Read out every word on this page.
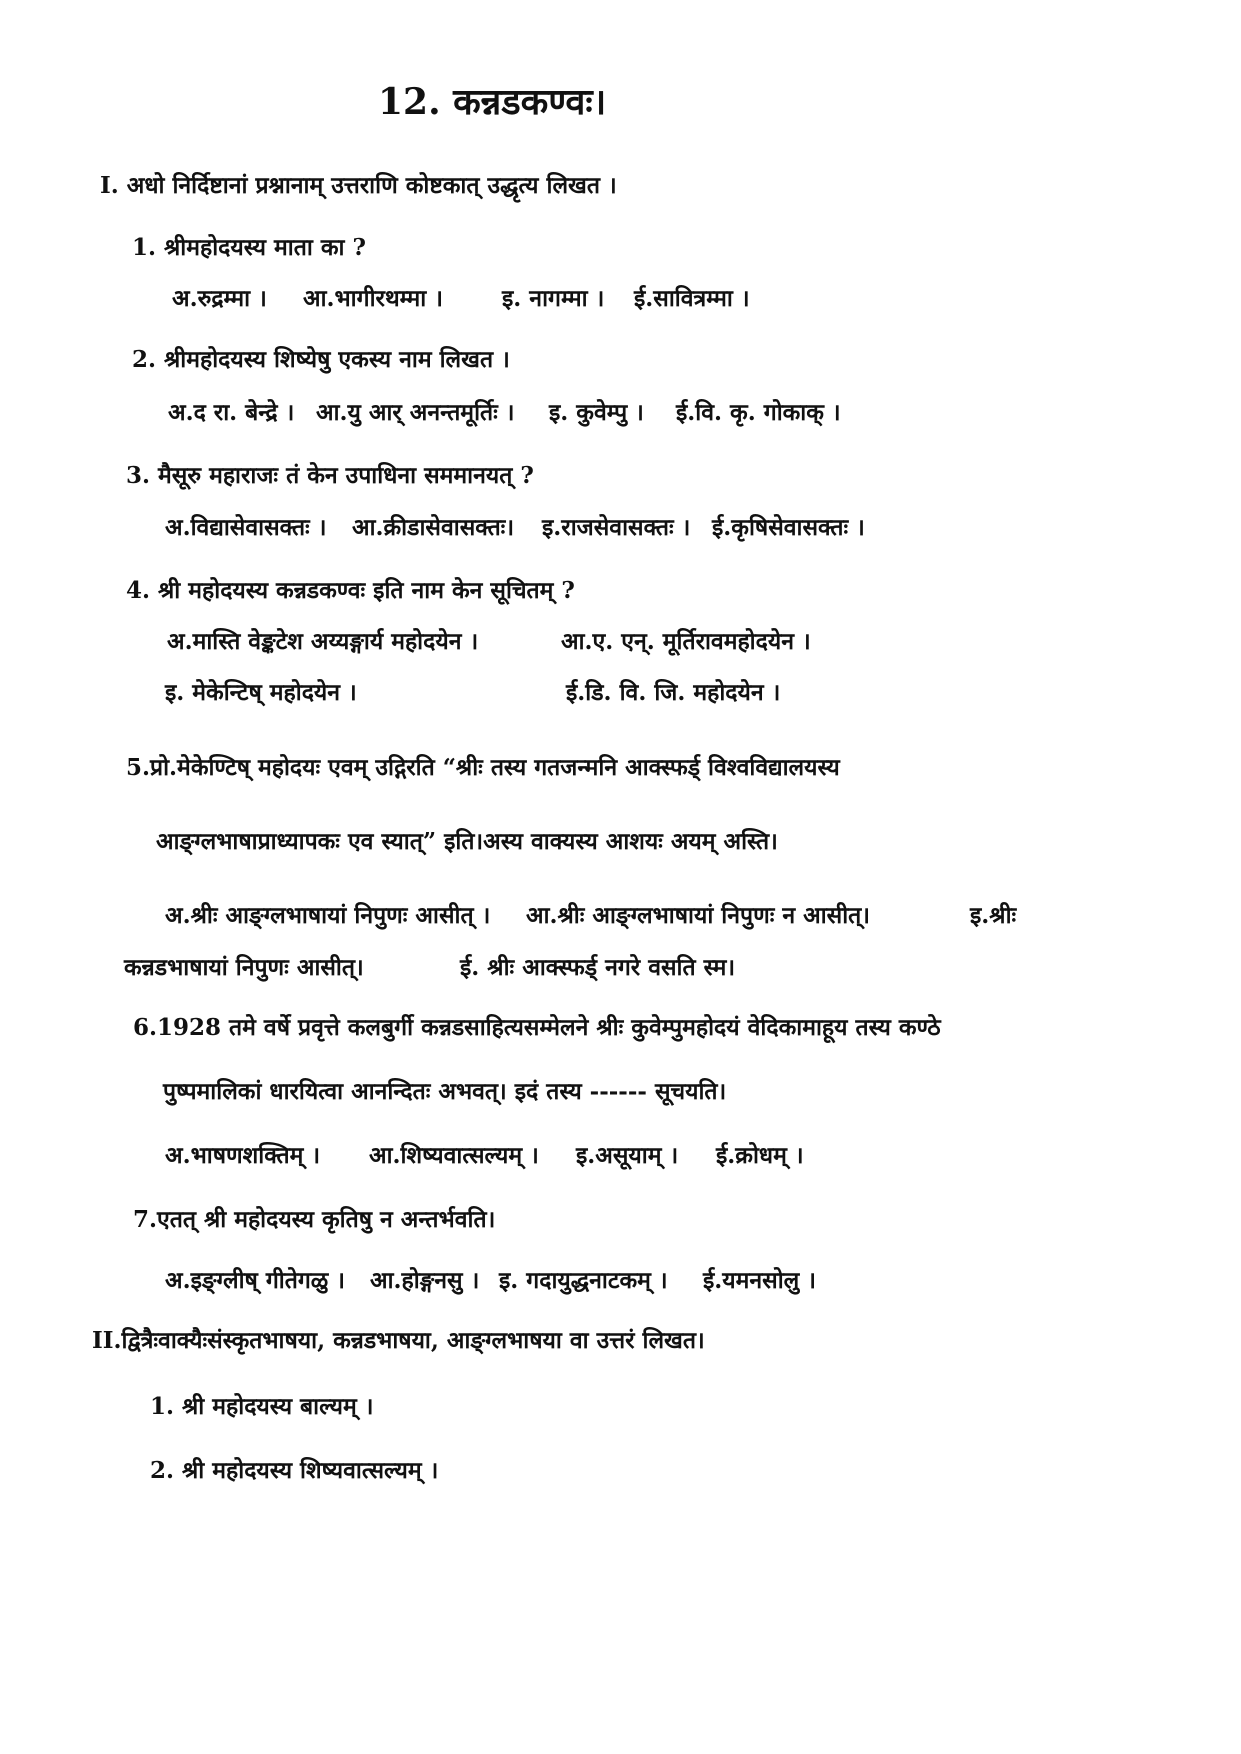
12. कन्नडकण्वः।
I. अधो निर्दिष्टानां प्रश्नानाम् उत्तराणि कोष्टकात् उद्धृत्य लिखत ।
1. श्रीमहोदयस्य माता का ?
अ.रुद्रम्मा । आ.भागीरथम्मा ।	इ. नागम्मा । ई.सावित्रम्मा ।
2. श्रीमहोदयस्य शिष्येषु एकस्य नाम लिखत ।
अ.द रा. बेन्द्रे । आ.यु आर् अनन्तमूर्तिः । इ. कुवेम्पु । ई.वि. कृ. गोकाक् ।
3. मैसूरु महाराजः तं केन उपाधिना सममानयत् ?
अ.विद्यासेवासक्तः । आ.क्रीडासेवासक्तः। इ.राजसेवासक्तः । ई.कृषिसेवासक्तः ।
4. श्री महोदयस्य कन्नडकण्वः इति नाम केन सूचितम् ?
अ.मास्ति वेङ्कटेश अय्यङ्गार्य महोदयेन ।	आ.ए. एन्. मूर्तिरावमहोदयेन ।
इ. मेकेन्टिष् महोदयेन ।	ई.डि. वि. जि. महोदयेन ।
5.प्रो.मेकेण्टिष् महोदयः एवम् उद्गिरति “श्रीः तस्य गतजन्मनि आक्स्फर्ड् विश्वविद्यालयस्य
आङ्ग्लभाषाप्राध्यापकः एव स्यात्” इति।अस्य वाक्यस्य आशयः अयम् अस्ति।
अ.श्रीः आङ्ग्लभाषायां निपुणः आसीत् । आ.श्रीः आङ्ग्लभाषायां निपुणः न आसीत्।	इ.श्रीः
कन्नडभाषायां निपुणः आसीत्।	ई. श्रीः आक्स्फर्ड् नगरे वसति स्म।
6.1928 तमे वर्षे प्रवृत्ते कलबुर्गी कन्नडसाहित्यसम्मेलने श्रीः कुवेम्पुमहोदयं वेदिकामाहूय तस्य कण्ठे
पुष्पमालिकां धारयित्वा आनन्दितः अभवत्। इदं तस्य ------ सूचयति।
अ.भाषणशक्तिम् । आ.शिष्यवात्सल्यम् । इ.असूयाम् । ई.क्रोधम् ।
7.एतत् श्री महोदयस्य कृतिषु न अन्तर्भवति।
अ.इङ्ग्लीष् गीतेगळु । आ.होङ्गनसु । इ. गदायुद्धनाटकम् । ई.यमनसोलु ।
II.द्वित्रैःवाक्यैःसंस्कृतभाषया, कन्नडभाषया, आङ्ग्लभाषया वा उत्तरं लिखत।
1. श्री महोदयस्य बाल्यम् ।
2. श्री महोदयस्य शिष्यवात्सल्यम् ।
